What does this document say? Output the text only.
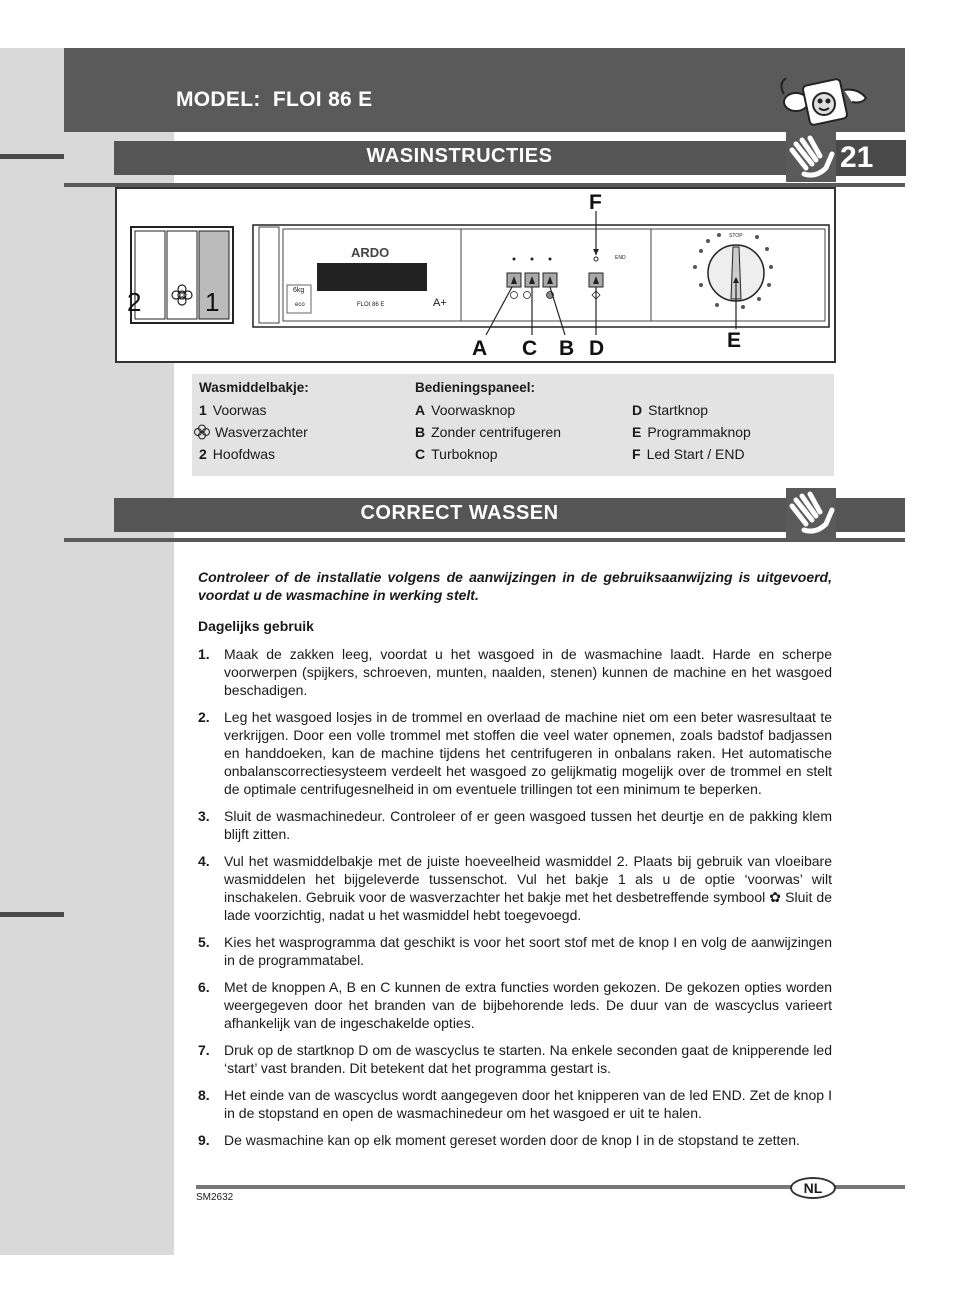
MODEL: FLOI 86 E
WASINSTRUCTIES	21
2 1
ARDO
6kg
eco	FLOI 86 E	A+
END
STOP
A C B D
F
E
Wasmiddelbakje:
1 Voorwas
Wasverzachter
2 Hoofdwas
Bedieningspaneel:
A Voorwasknop
B Zonder centrifugeren
C Turboknop
D Startknop
E Programmaknop
F Led Start / END
CORRECT WASSEN

Controleer of de installatie volgens de aanwijzingen in de gebruiksaanwijzing is uitgevoerd, voordat u de wasmachine in werking stelt.

Dagelijks gebruik

1.	Maak de zakken leeg, voordat u het wasgoed in de wasmachine laadt. Harde en scherpe voorwerpen (spijkers, schroeven, munten, naalden, stenen) kunnen de machine en het wasgoed beschadigen.
2.	Leg het wasgoed losjes in de trommel en overlaad de machine niet om een beter wasresultaat te verkrijgen. Door een volle trommel met stoffen die veel water opnemen, zoals badstof badjassen en handdoeken, kan de machine tijdens het centrifugeren in onbalans raken. Het automatische onbalanscorrectiesysteem verdeelt het wasgoed zo gelijkmatig mogelijk over de trommel en stelt de optimale centrifugesnelheid in om eventuele trillingen tot een minimum te beperken.
3.	Sluit de wasmachinedeur. Controleer of er geen wasgoed tussen het deurtje en de pakking klem blijft zitten.
4.	Vul het wasmiddelbakje met de juiste hoeveelheid wasmiddel 2. Plaats bij gebruik van vloeibare wasmiddelen het bijgeleverde tussenschot. Vul het bakje 1 als u de optie ‘voorwas’ wilt inschakelen. Gebruik voor de wasverzachter het bakje met het desbetreffende symbool ✿ Sluit de lade voorzichtig, nadat u het wasmiddel hebt toegevoegd.
5.	Kies het wasprogramma dat geschikt is voor het soort stof met de knop I en volg de aanwijzingen in de programmatabel.
6.	Met de knoppen A, B en C kunnen de extra functies worden gekozen. De gekozen opties worden weergegeven door het branden van de bijbehorende leds. De duur van de wascyclus varieert afhankelijk van de ingeschakelde opties.
7.	Druk op de startknop D om de wascyclus te starten. Na enkele seconden gaat de knipperende led ‘start’ vast branden. Dit betekent dat het programma gestart is.
8.	Het einde van de wascyclus wordt aangegeven door het knipperen van de led END. Zet de knop I in de stopstand en open de wasmachinedeur om het wasgoed er uit te halen.
9.	De wasmachine kan op elk moment gereset worden door de knop I in de stopstand te zetten.
NL
SM2632
